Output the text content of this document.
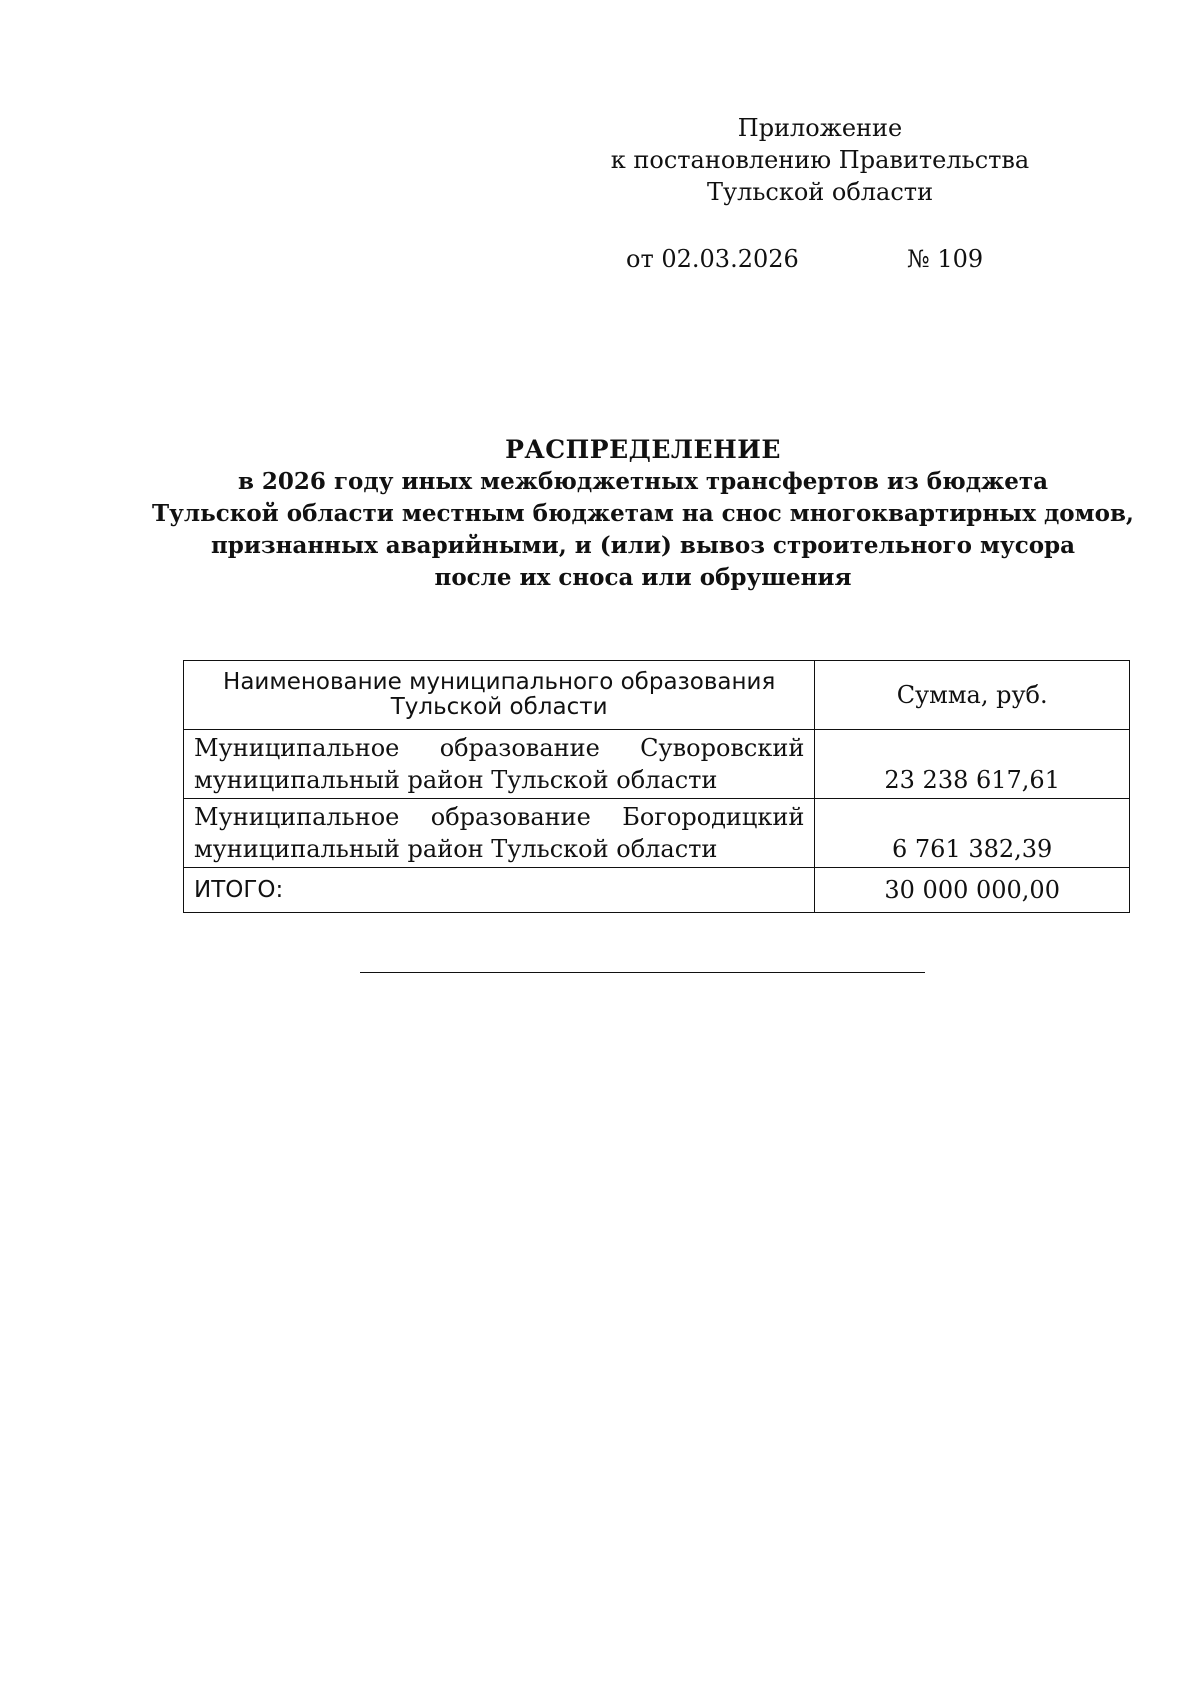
Приложение
к постановлению Правительства
Тульской области
от 02.03.2026	№ 109
РАСПРЕДЕЛЕНИЕ
в 2026 году иных межбюджетных трансфертов из бюджета
Тульской области местным бюджетам на снос многоквартирных домов,
признанных аварийными, и (или) вывоз строительного мусора
после их сноса или обрушения
Наименование муниципального образования
Тульской области	Сумма, руб.

Муниципальное образование Суворовский
муниципальный район Тульской области	23 238 617,61

Муниципальное образование Богородицкий
муниципальный район Тульской области	6 761 382,39
ИТОГО:	30 000 000,00
